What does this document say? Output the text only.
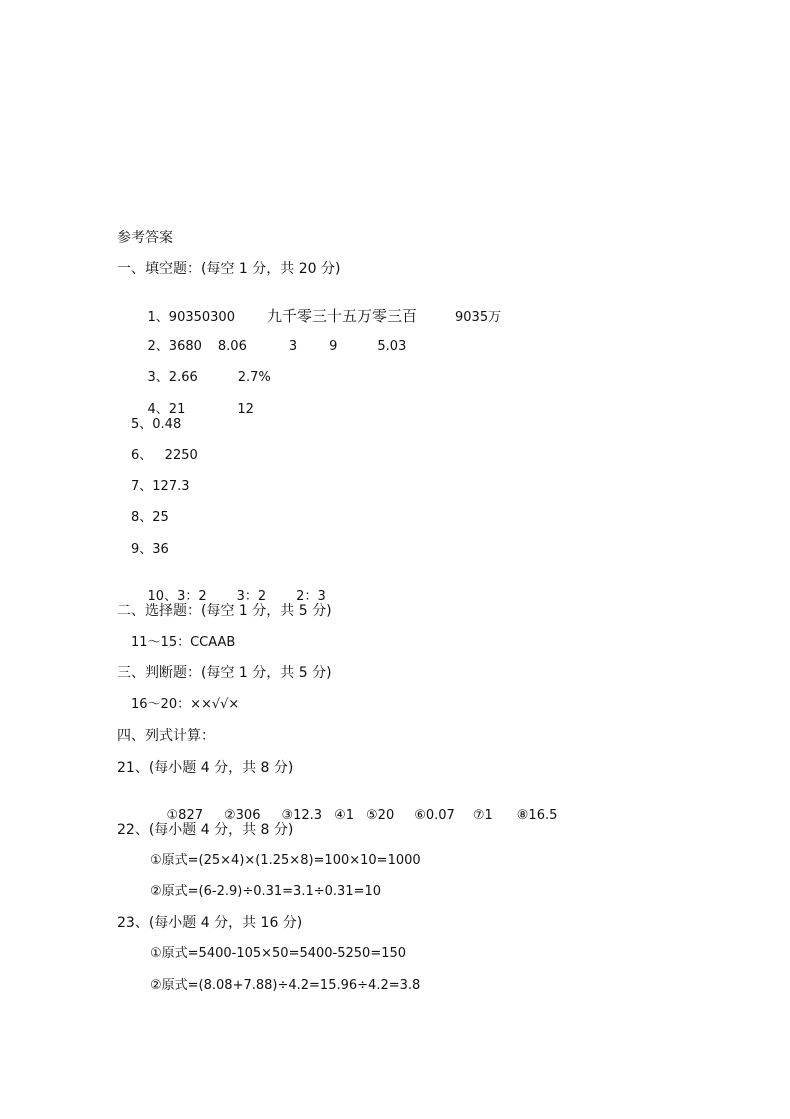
参考答案
一、填空题：(每空 1 分，共 20 分)

1、90350300 九千零三十五万零三百	9035万

2、3680 8.06	3 9	5.03

3、2.66	2.7%

4、21	12

5、0.48
6、   2250
7、127.3
8、25
9、36

10、3：2 3：2 2：3

二、选择题：(每空 1 分，共 5 分)
11～15：CCAAB
三、判断题：(每空 1 分，共 5 分)
16～20：××√√×
四、列式计算：
21、(每小题 4 分，共 8 分)

①827 ②306 ③12.3 ④1 ⑤20 ⑥0.07 ⑦1 ⑧16.5

22、(每小题 4 分，共 8 分)
①原式=(25×4)×(1.25×8)=100×10=1000
②原式=(6-2.9)÷0.31=3.1÷0.31=10
23、(每小题 4 分，共 16 分)
①原式=5400-105×50=5400-5250=150
②原式=(8.08+7.88)÷4.2=15.96÷4.2=3.8
